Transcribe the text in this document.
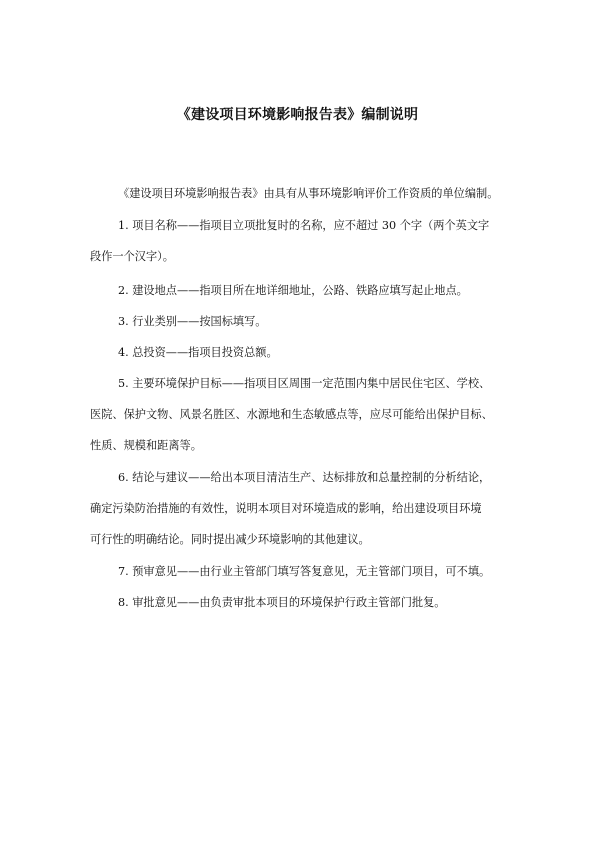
《建设项目环境影响报告表》编制说明
《建设项目环境影响报告表》由具有从事环境影响评价工作资质的单位编制。
1. 项目名称——指项目立项批复时的名称，应不超过 30 个字（两个英文字
段作一个汉字）。
2. 建设地点——指项目所在地详细地址，公路、铁路应填写起止地点。
3. 行业类别——按国标填写。
4. 总投资——指项目投资总额。
5. 主要环境保护目标——指项目区周围一定范围内集中居民住宅区、学校、
医院、保护文物、风景名胜区、水源地和生态敏感点等，应尽可能给出保护目标、
性质、规模和距离等。
6. 结论与建议——给出本项目清洁生产、达标排放和总量控制的分析结论，
确定污染防治措施的有效性，说明本项目对环境造成的影响，给出建设项目环境
可行性的明确结论。同时提出减少环境影响的其他建议。
7. 预审意见——由行业主管部门填写答复意见，无主管部门项目，可不填。
8. 审批意见——由负责审批本项目的环境保护行政主管部门批复。
